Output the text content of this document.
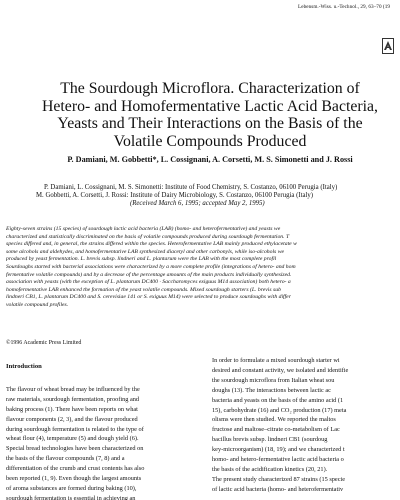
Lebensm.-Wiss. u.-Technol., 29, 63–70 (19
The Sourdough Microflora. Characterization of
Hetero- and Homofermentative Lactic Acid Bacteria,
Yeasts and Their Interactions on the Basis of the
Volatile Compounds Produced
P. Damiani, M. Gobbetti*, L. Cossignani, A. Corsetti, M. S. Simonetti and J. Rossi
P. Damiani, L. Cossignani, M. S. Simonetti: Institute of Food Chemistry, S. Costanzo, 06100 Perugia (Italy)
M. Gobbetti, A. Corsetti, J. Rossi: Institute of Dairy Microbiology, S. Costanzo, 06100 Perugia (Italy)
(Received March 6, 1995; accepted May 2, 1995)
Eighty-seven strains (15 species) of sourdough lactic acid bacteria (LAB) (homo- and heterofermentative) and yeasts we
characterized and statistically discriminated on the basis of volatile compounds produced during sourdough fermentation. T
species differed and, in general, the strains differed within the species. Heterofermentative LAB mainly produced ethylacetate w
some alcohols and aldehydes, and homofermentative LAB synthesized diacetyl and other carbonyls, while iso-alcohols we
produced by yeast fermentation. L. brevis subsp. lindneri and L. plantarum were the LAB with the most complete profil
Sourdoughs started with bacterial associations were characterized by a more complete profile (integrations of hetero- and hom
fermentative volatile compounds) and by a decrease of the percentage amounts of the main products individually synthesized.
association with yeasts (with the exception of L. plantarum DC400 · Saccharomyces exiguus M14 association) both hetero- a
homofermentative LAB enhanced the formation of the yeast volatile compounds. Mixed sourdough starters (L. brevis sub
lindneri CB1, L. plantarum DC400 and S. cerevisiae 141 or S. exiguus M14) were selected to produce sourdoughs with differ
volatile compound profiles.
©1996 Academic Press Limited
Introduction
The flavour of wheat bread may be influenced by the
raw materials, sourdough fermentation, proofing and
baking process (1). There have been reports on what
flavour components (2, 3), and the flavour produced
during sourdough fermentation is related to the type of
wheat flour (4), temperature (5) and dough yield (6).
Special bread technologies have been characterized on
the basis of the flavour compounds (7, 8) and a
differentiation of the crumb and crust contents has also
been reported (1, 9). Even though the largest amounts
of aroma substances are formed during baking (10),
sourdough fermentation is essential in achieving an
In order to formulate a mixed sourdough starter wi
desired and constant activity, we isolated and identifie
the sourdough microflora from Italian wheat sou
doughs (13). The interactions between lactic ac
bacteria and yeasts on the basis of the amino acid (1
15), carbohydrate (16) and CO₂ production (17) meta
olisms were then studied. We reported the maltos
fructose and maltose–citrate co-metabolism of Lac
bacillus brevis subsp. lindneri CB1 (sourdoug
key-microorganism) (18, 19); and we characterized t
homo- and hetero-fermentative lactic acid bacteria o
the basis of the acidification kinetics (20, 21).
The present study characterized 87 strains (15 specie
of lactic acid bacteria (homo- and heterofermentativ
